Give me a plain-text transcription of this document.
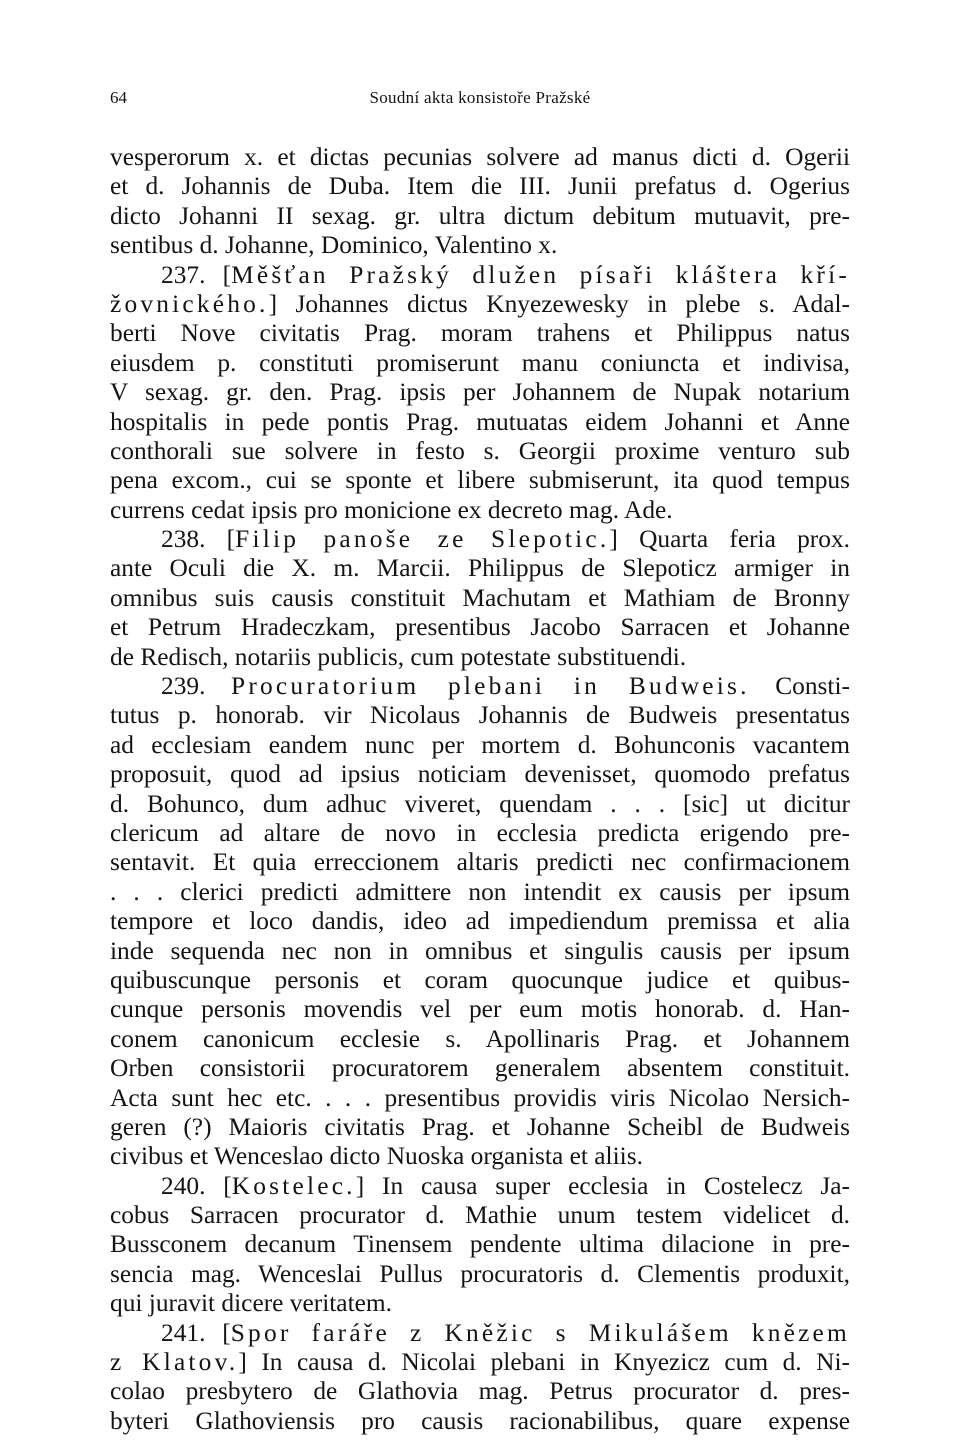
64	Soudní akta konsistoře Pražské
vesperorum x. et dictas pecunias solvere ad manus dicti d. Ogerii
et d. Johannis de Duba. Item die III. Junii prefatus d. Ogerius
dicto Johanni II sexag. gr. ultra dictum debitum mutuavit, pre-
sentibus d. Johanne, Dominico, Valentino x.
237. [Měšťan Pražský dlužen písaři kláštera kří-
žovnického.] Johannes dictus Knyezewesky in plebe s. Adal-
berti Nove civitatis Prag. moram trahens et Philippus natus
eiusdem p. constituti promiserunt manu coniuncta et indivisa,
V sexag. gr. den. Prag. ipsis per Johannem de Nupak notarium
hospitalis in pede pontis Prag. mutuatas eidem Johanni et Anne
conthorali sue solvere in festo s. Georgii proxime venturo sub
pena excom., cui se sponte et libere submiserunt, ita quod tempus
currens cedat ipsis pro monicione ex decreto mag. Ade.
238. [Filip panoše ze Slepotic.] Quarta feria prox.
ante Oculi die X. m. Marcii. Philippus de Slepoticz armiger in
omnibus suis causis constituit Machutam et Mathiam de Bronny
et Petrum Hradeczkam, presentibus Jacobo Sarracen et Johanne
de Redisch, notariis publicis, cum potestate substituendi.
239. Procuratorium plebani in Budweis. Consti-
tutus p. honorab. vir Nicolaus Johannis de Budweis presentatus
ad ecclesiam eandem nunc per mortem d. Bohunconis vacantem
proposuit, quod ad ipsius noticiam devenisset, quomodo prefatus
d. Bohunco, dum adhuc viveret, quendam . . . [sic] ut dicitur
clericum ad altare de novo in ecclesia predicta erigendo pre-
sentavit. Et quia erreccionem altaris predicti nec confirmacionem
. . . clerici predicti admittere non intendit ex causis per ipsum
tempore et loco dandis, ideo ad impediendum premissa et alia
inde sequenda nec non in omnibus et singulis causis per ipsum
quibuscunque personis et coram quocunque judice et quibus-
cunque personis movendis vel per eum motis honorab. d. Han-
conem canonicum ecclesie s. Apollinaris Prag. et Johannem
Orben consistorii procuratorem generalem absentem constituit.
Acta sunt hec etc. . . . presentibus providis viris Nicolao Nersich-
geren (?) Maioris civitatis Prag. et Johanne Scheibl de Budweis
civibus et Wenceslao dicto Nuoska organista et aliis.
240. [Kostelec.] In causa super ecclesia in Costelecz Ja-
cobus Sarracen procurator d. Mathie unum testem videlicet d.
Bussconem decanum Tinensem pendente ultima dilacione in pre-
sencia mag. Wenceslai Pullus procuratoris d. Clementis produxit,
qui juravit dicere veritatem.
241. [Spor faráře z Kněžic s Mikulášem knězem
z Klatov.] In causa d. Nicolai plebani in Knyezicz cum d. Ni-
colao presbytero de Glathovia mag. Petrus procurator d. pres-
byteri Glathoviensis pro causis racionabilibus, quare expense
